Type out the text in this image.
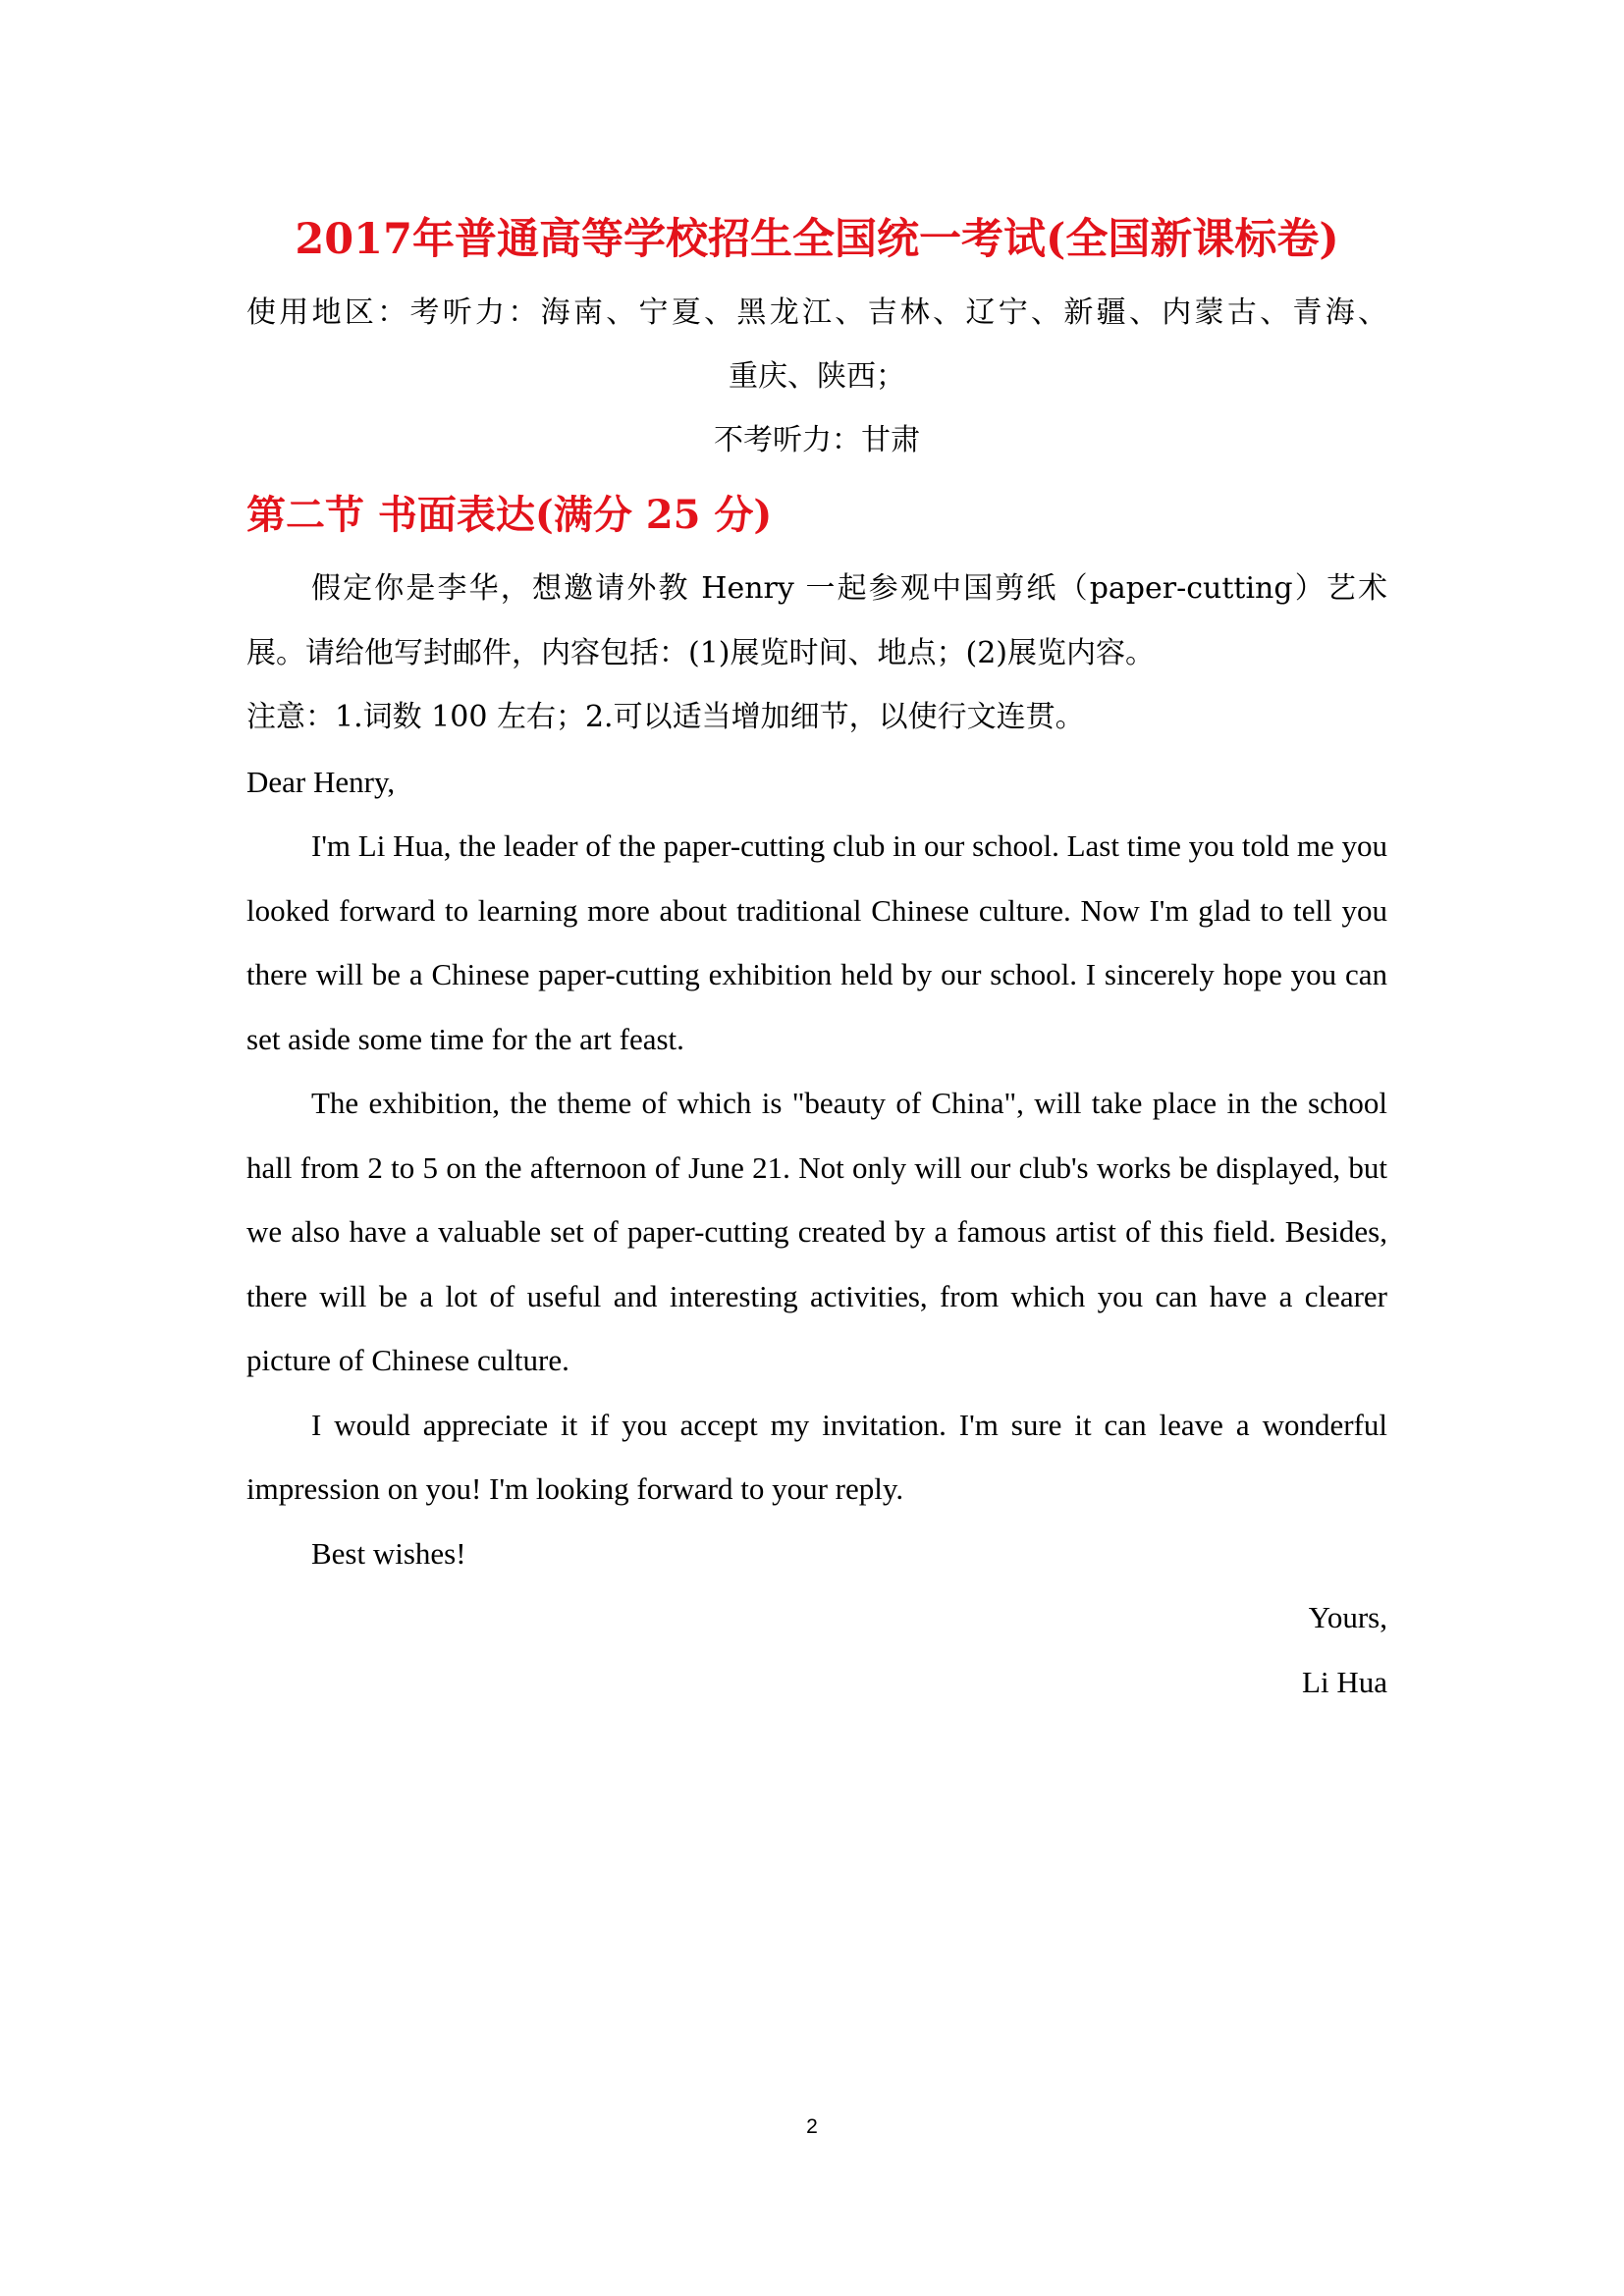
2017年普通高等学校招生全国统一考试(全国新课标卷)
使用地区：考听力：海南、宁夏、黑龙江、吉林、辽宁、新疆、内蒙古、青海、
重庆、陕西；
不考听力：甘肃
第二节 书面表达(满分 25 分)
假定你是李华，想邀请外教 Henry 一起参观中国剪纸（paper-cutting）艺术
展。请给他写封邮件，内容包括：(1)展览时间、地点；(2)展览内容。
注意：1.词数 100 左右；2.可以适当增加细节，以使行文连贯。
Dear Henry,
I'm Li Hua, the leader of the paper-cutting club in our school. Last time you told me you looked forward to learning more about traditional Chinese culture. Now I'm glad to tell you there will be a Chinese paper-cutting exhibition held by our school. I sincerely hope you can set aside some time for the art feast.
The exhibition, the theme of which is "beauty of China", will take place in the school hall from 2 to 5 on the afternoon of June 21. Not only will our club's works be displayed, but we also have a valuable set of paper-cutting created by a famous artist of this field. Besides, there will be a lot of useful and interesting activities, from which you can have a clearer picture of Chinese culture.
I would appreciate it if you accept my invitation. I'm sure it can leave a wonderful impression on you! I'm looking forward to your reply.
Best wishes!
Yours,
Li Hua
2
